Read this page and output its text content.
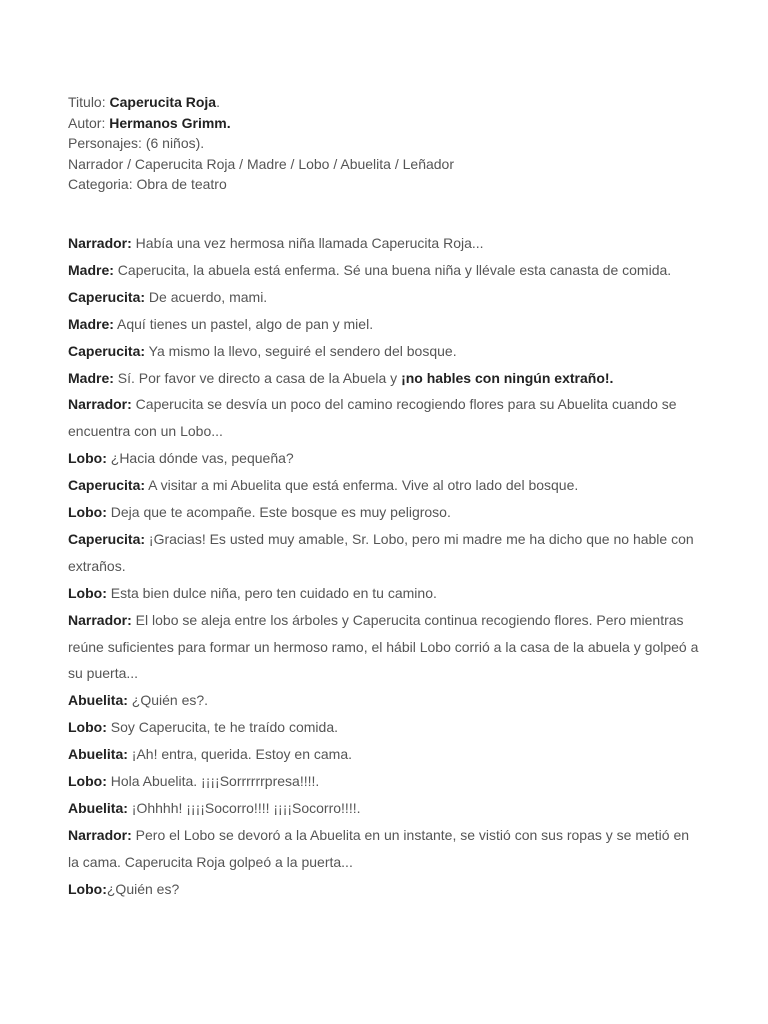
Titulo: Caperucita Roja.
Autor: Hermanos Grimm.
Personajes: (6 niños).
Narrador / Caperucita Roja / Madre / Lobo / Abuelita / Leñador
Categoria: Obra de teatro

Narrador: Había una vez hermosa niña llamada Caperucita Roja...

Madre: Caperucita, la abuela está enferma. Sé una buena niña y llévale esta canasta de comida.

Caperucita: De acuerdo, mami.

Madre: Aquí tienes un pastel, algo de pan y miel.

Caperucita: Ya mismo la llevo, seguiré el sendero del bosque.

Madre: Sí. Por favor ve directo a casa de la Abuela y ¡no hables con ningún extraño!.

Narrador: Caperucita se desvía un poco del camino recogiendo flores para su Abuelita cuando se encuentra con un Lobo...

Lobo: ¿Hacia dónde vas, pequeña?

Caperucita: A visitar a mi Abuelita que está enferma. Vive al otro lado del bosque.

Lobo: Deja que te acompañe. Este bosque es muy peligroso.

Caperucita: ¡Gracias! Es usted muy amable, Sr. Lobo, pero mi madre me ha dicho que no hable con extraños.

Lobo: Esta bien dulce niña, pero ten cuidado en tu camino.

Narrador: El lobo se aleja entre los árboles y Caperucita continua recogiendo flores. Pero mientras reúne suficientes para formar un hermoso ramo, el hábil Lobo corrió a la casa de la abuela y golpeó a su puerta...

Abuelita: ¿Quién es?.

Lobo: Soy Caperucita, te he traído comida.

Abuelita: ¡Ah! entra, querida. Estoy en cama.

Lobo: Hola Abuelita. ¡¡¡¡Sorrrrrrpresa!!!!.

Abuelita: ¡Ohhhh! ¡¡¡¡Socorro!!!! ¡¡¡¡Socorro!!!!.

Narrador: Pero el Lobo se devoró a la Abuelita en un instante, se vistió con sus ropas y se metió en la cama. Caperucita Roja golpeó a la puerta...

Lobo:¿Quién es?
